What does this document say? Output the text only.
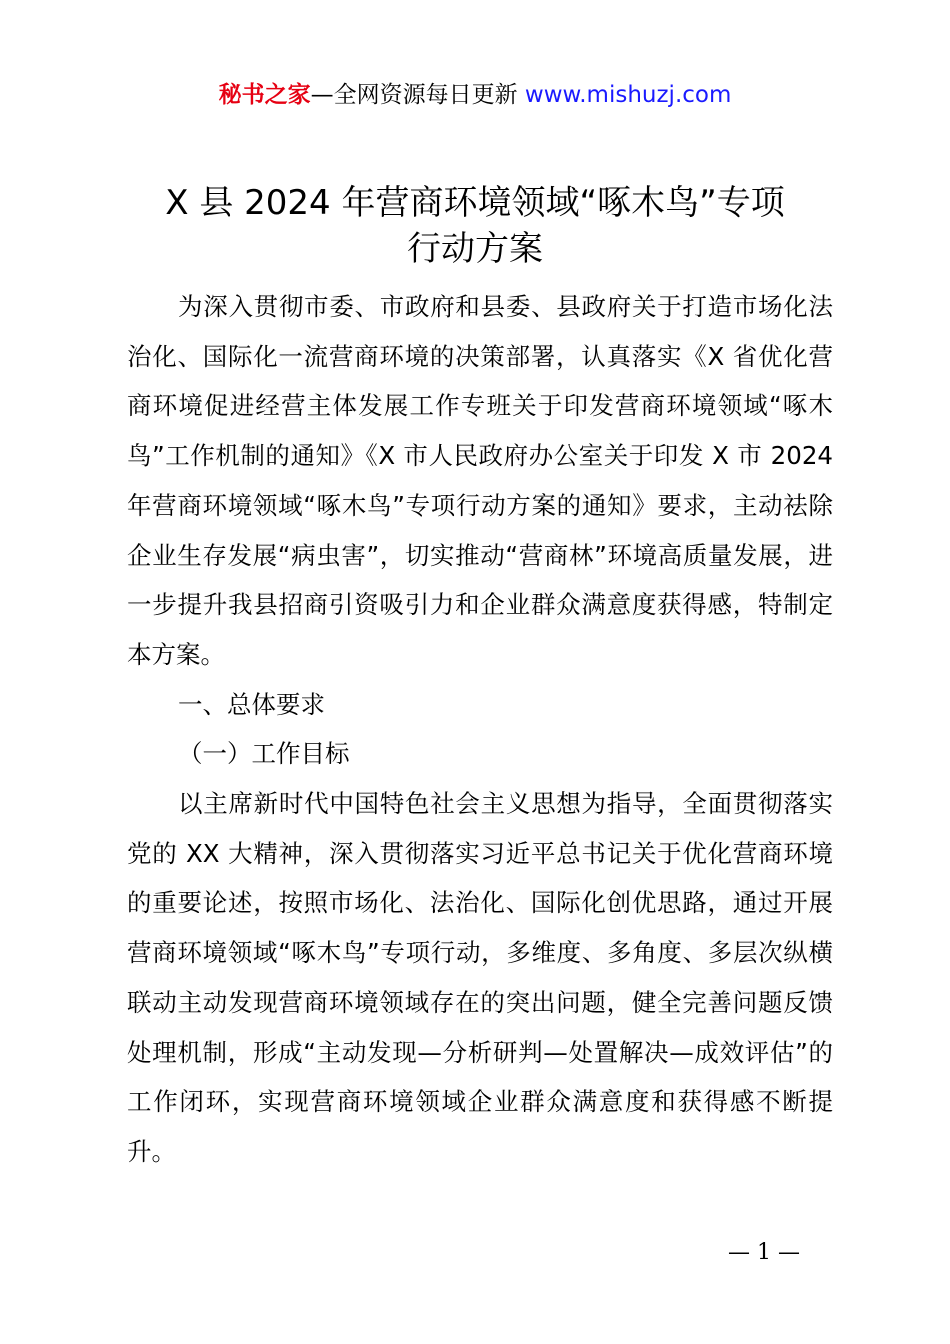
秘书之家—全网资源每日更新 www.mishuzj.com
X 县 2024 年营商环境领域“啄木鸟”专项
行动方案

为深入贯彻市委、市政府和县委、县政府关于打造市场化法治化、国际化一流营商环境的决策部署，认真落实《X 省优化营商环境促进经营主体发展工作专班关于印发营商环境领域“啄木鸟”工作机制的通知》《X 市人民政府办公室关于印发 X 市 2024 年营商环境领域“啄木鸟”专项行动方案的通知》要求，主动祛除企业生存发展“病虫害”，切实推动“营商林”环境高质量发展，进一步提升我县招商引资吸引力和企业群众满意度获得感，特制定本方案。

一、总体要求

（一）工作目标

以主席新时代中国特色社会主义思想为指导，全面贯彻落实党的 XX 大精神，深入贯彻落实习近平总书记关于优化营商环境的重要论述，按照市场化、法治化、国际化创优思路，通过开展营商环境领域“啄木鸟”专项行动，多维度、多角度、多层次纵横联动主动发现营商环境领域存在的突出问题，健全完善问题反馈处理机制，形成“主动发现—分析研判—处置解决—成效评估”的工作闭环，实现营商环境领域企业群众满意度和获得感不断提升。

— 1 —
